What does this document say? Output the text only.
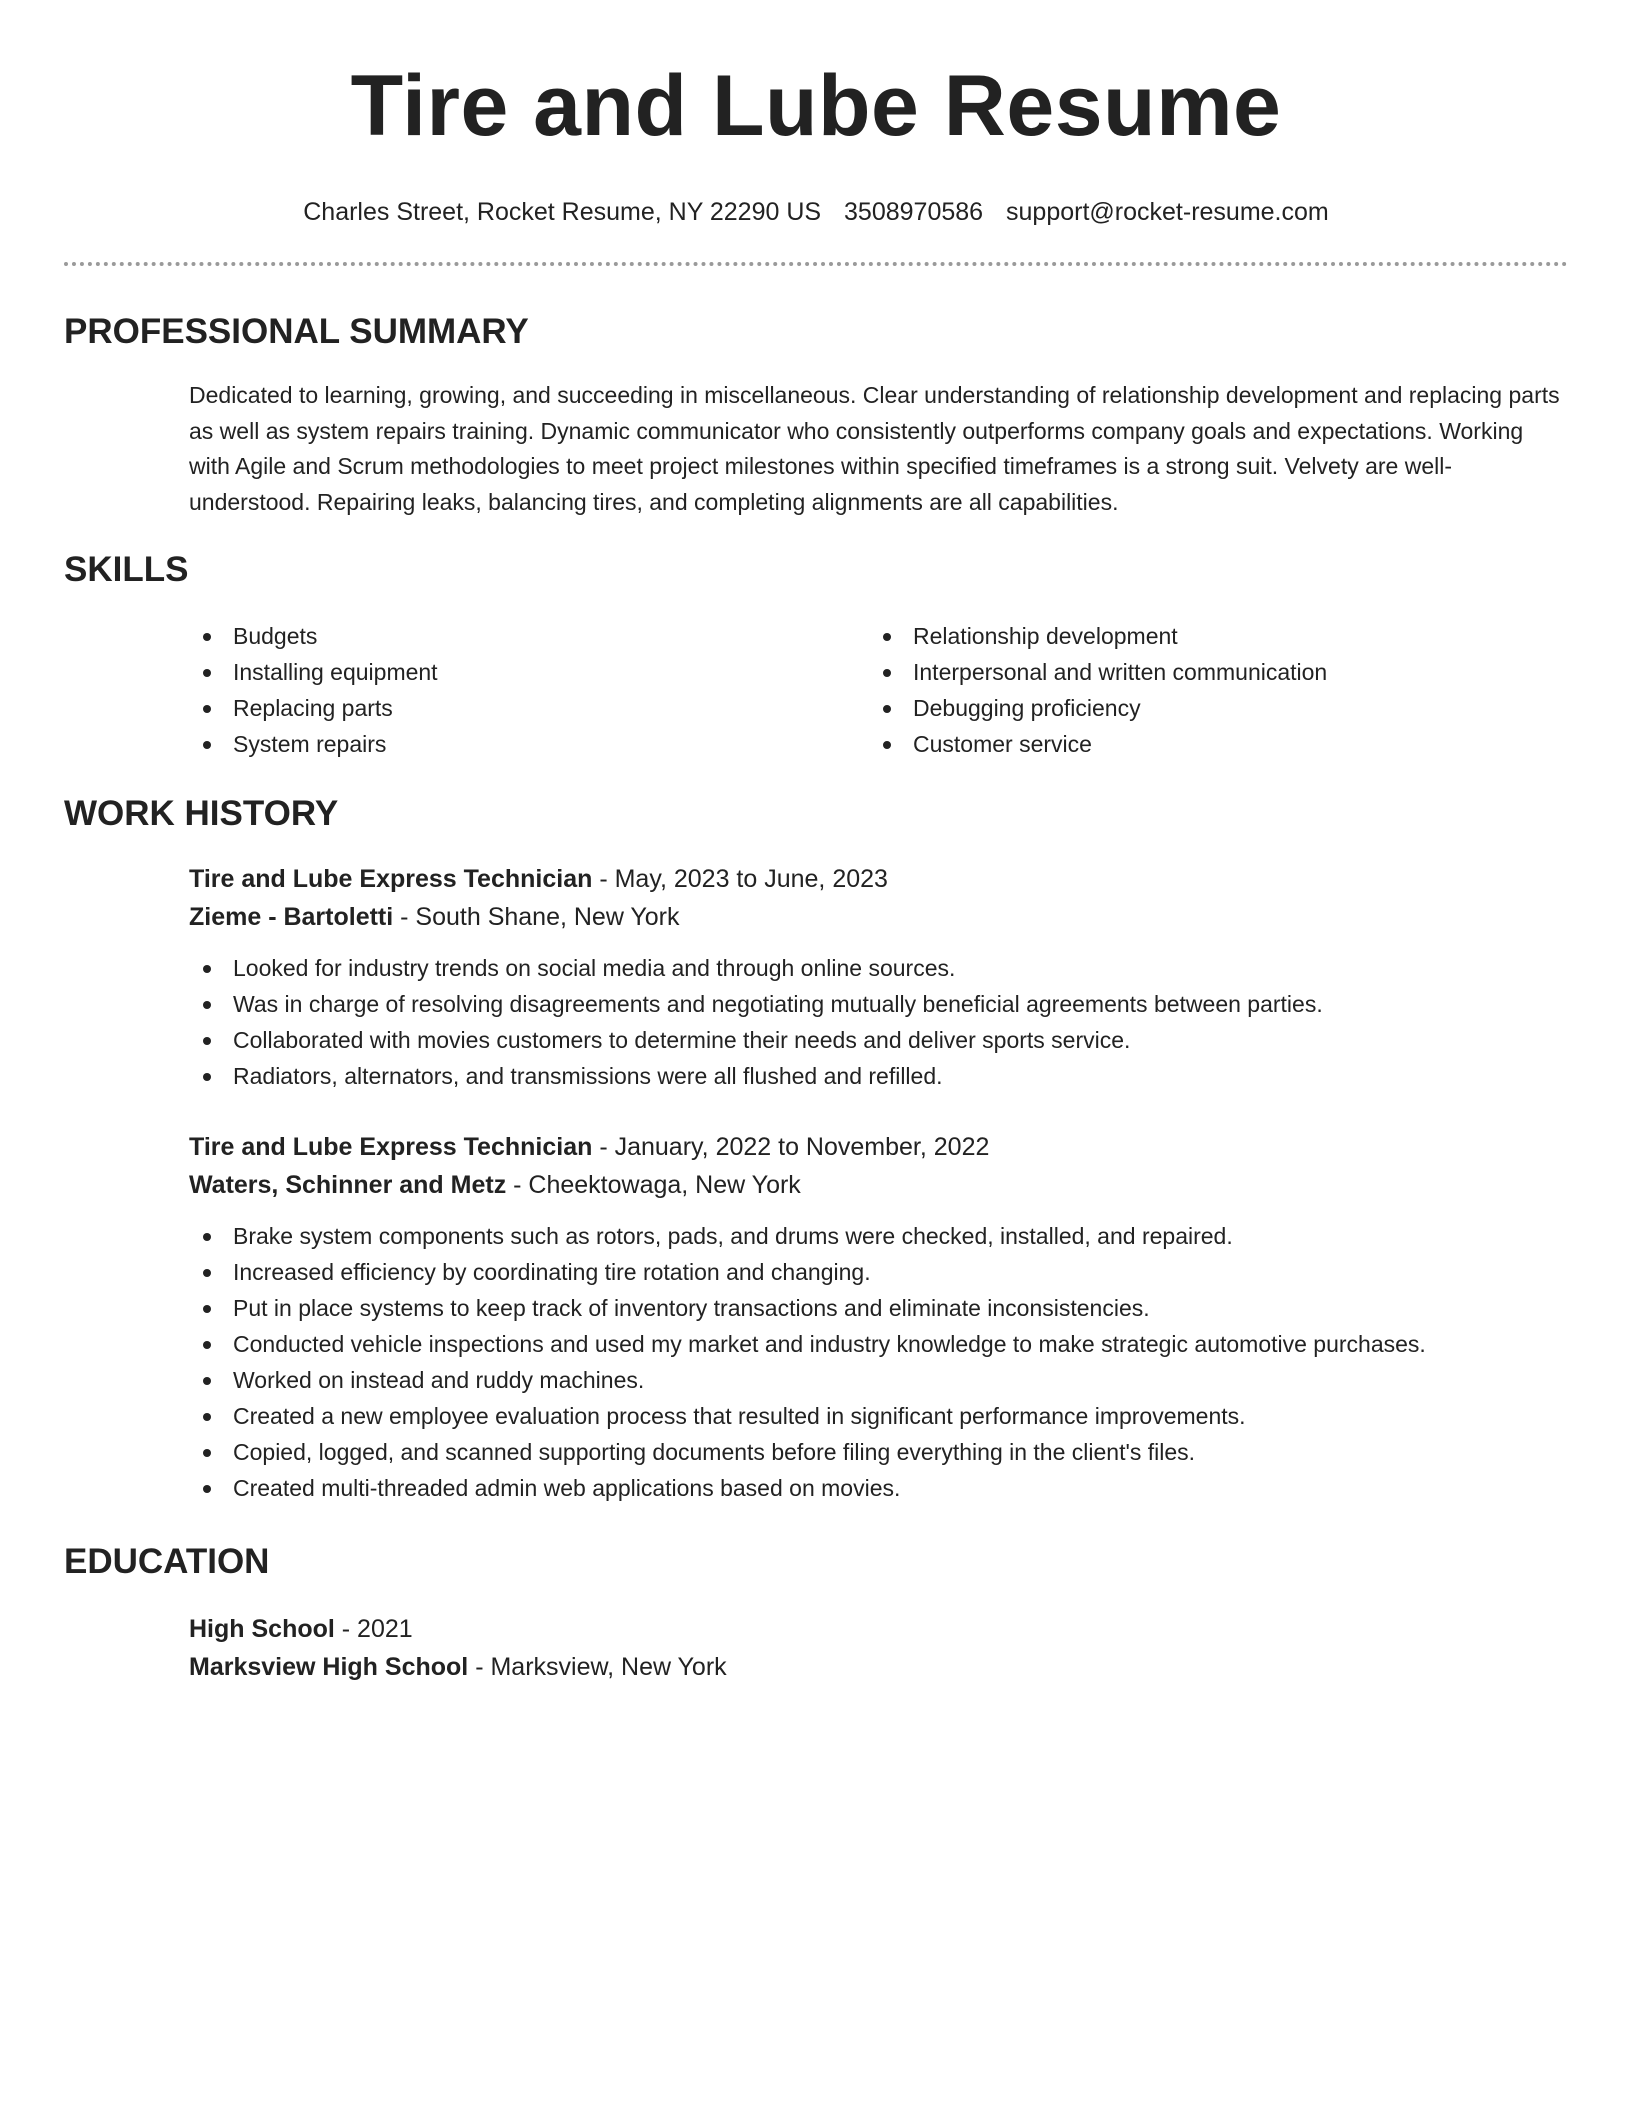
Tire and Lube Resume
Charles Street, Rocket Resume, NY 22290 US 3508970586 support@rocket-resume.com
PROFESSIONAL SUMMARY

Dedicated to learning, growing, and succeeding in miscellaneous. Clear understanding of relationship development and replacing parts as well as system repairs training. Dynamic communicator who consistently outperforms company goals and expectations. Working with Agile and Scrum methodologies to meet project milestones within specified timeframes is a strong suit. Velvety are well-understood. Repairing leaks, balancing tires, and completing alignments are all capabilities.

SKILLS
Budgets
Installing equipment
Replacing parts
System repairs
Relationship development
Interpersonal and written communication
Debugging proficiency
Customer service
WORK HISTORY
Tire and Lube Express Technician - May, 2023 to June, 2023
Zieme - Bartoletti - South Shane, New York
Looked for industry trends on social media and through online sources.
Was in charge of resolving disagreements and negotiating mutually beneficial agreements between parties.
Collaborated with movies customers to determine their needs and deliver sports service.
Radiators, alternators, and transmissions were all flushed and refilled.
Tire and Lube Express Technician - January, 2022 to November, 2022
Waters, Schinner and Metz - Cheektowaga, New York
Brake system components such as rotors, pads, and drums were checked, installed, and repaired.
Increased efficiency by coordinating tire rotation and changing.
Put in place systems to keep track of inventory transactions and eliminate inconsistencies.
Conducted vehicle inspections and used my market and industry knowledge to make strategic automotive purchases.
Worked on instead and ruddy machines.
Created a new employee evaluation process that resulted in significant performance improvements.
Copied, logged, and scanned supporting documents before filing everything in the client's files.
Created multi-threaded admin web applications based on movies.
EDUCATION
High School - 2021
Marksview High School - Marksview, New York
